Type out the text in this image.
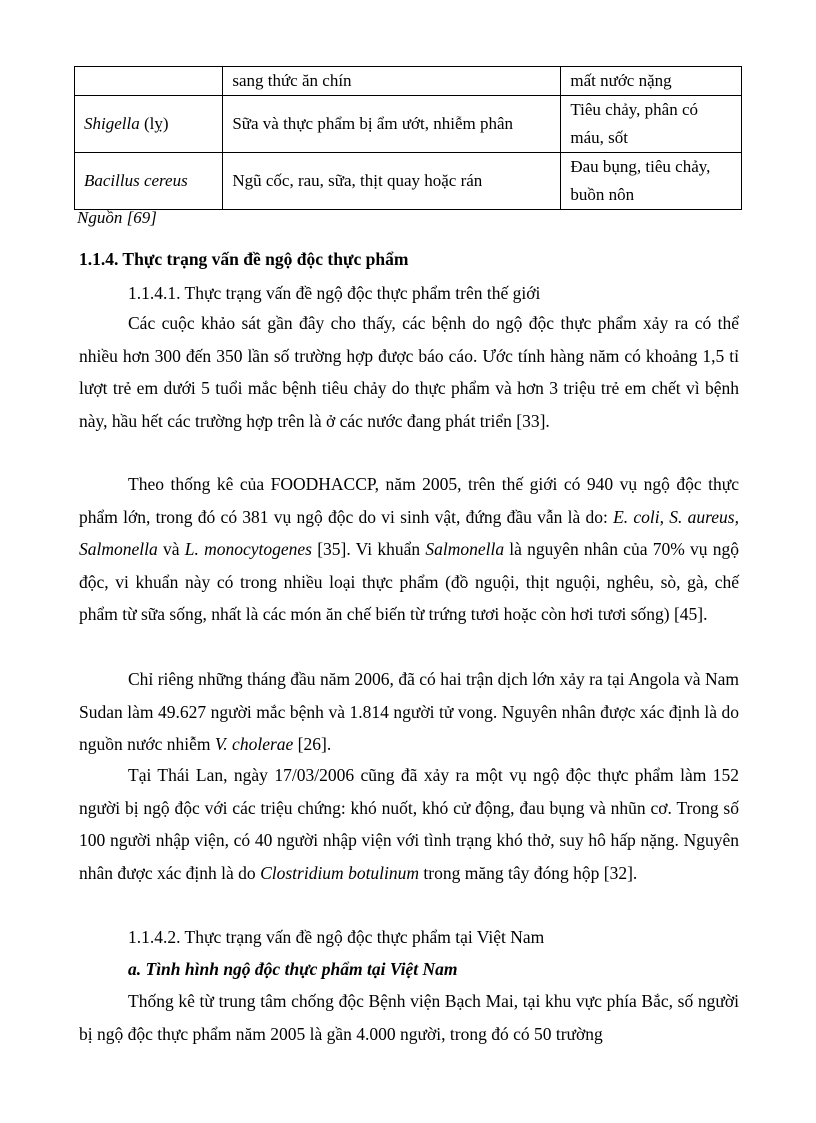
	sang thức ăn chín	mất nước nặng
Shigella (lỵ)	Sữa và thực phẩm bị ẩm ướt, nhiễm phân	Tiêu chảy, phân có máu, sốt
Bacillus cereus	Ngũ cốc, rau, sữa, thịt quay hoặc rán	Đau bụng, tiêu chảy, buồn nôn
Nguồn [69]
1.1.4. Thực trạng vấn đề ngộ độc thực phẩm
1.1.4.1. Thực trạng vấn đề ngộ độc thực phẩm trên thế giới

Các cuộc khảo sát gần đây cho thấy, các bệnh do ngộ độc thực phẩm xảy ra có thể nhiều hơn 300 đến 350 lần số trường hợp được báo cáo. Ước tính hàng năm có khoảng 1,5 tỉ lượt trẻ em dưới 5 tuổi mắc bệnh tiêu chảy do thực phẩm và hơn 3 triệu trẻ em chết vì bệnh này, hầu hết các trường hợp trên là ở các nước đang phát triển [33].

Theo thống kê của FOODHACCP, năm 2005, trên thế giới có 940 vụ ngộ độc thực phẩm lớn, trong đó có 381 vụ ngộ độc do vi sinh vật, đứng đầu vẫn là do: E. coli, S. aureus, Salmonella và L. monocytogenes [35]. Vi khuẩn Salmonella là nguyên nhân của 70% vụ ngộ độc, vi khuẩn này có trong nhiều loại thực phẩm (đồ nguội, thịt nguội, nghêu, sò, gà, chế phẩm từ sữa sống, nhất là các món ăn chế biến từ trứng tươi hoặc còn hơi tươi sống) [45].

Chỉ riêng những tháng đầu năm 2006, đã có hai trận dịch lớn xảy ra tại Angola và Nam Sudan làm 49.627 người mắc bệnh và 1.814 người tử vong. Nguyên nhân được xác định là do nguồn nước nhiễm V. cholerae [26].

Tại Thái Lan, ngày 17/03/2006 cũng đã xảy ra một vụ ngộ độc thực phẩm làm 152 người bị ngộ độc với các triệu chứng: khó nuốt, khó cử động, đau bụng và nhũn cơ. Trong số 100 người nhập viện, có 40 người nhập viện với tình trạng khó thở, suy hô hấp nặng. Nguyên nhân được xác định là do Clostridium botulinum trong măng tây đóng hộp [32].

1.1.4.2. Thực trạng vấn đề ngộ độc thực phẩm tại Việt Nam
a. Tình hình ngộ độc thực phẩm tại Việt Nam

Thống kê từ trung tâm chống độc Bệnh viện Bạch Mai, tại khu vực phía Bắc, số người bị ngộ độc thực phẩm năm 2005 là gần 4.000 người, trong đó có 50 trường
